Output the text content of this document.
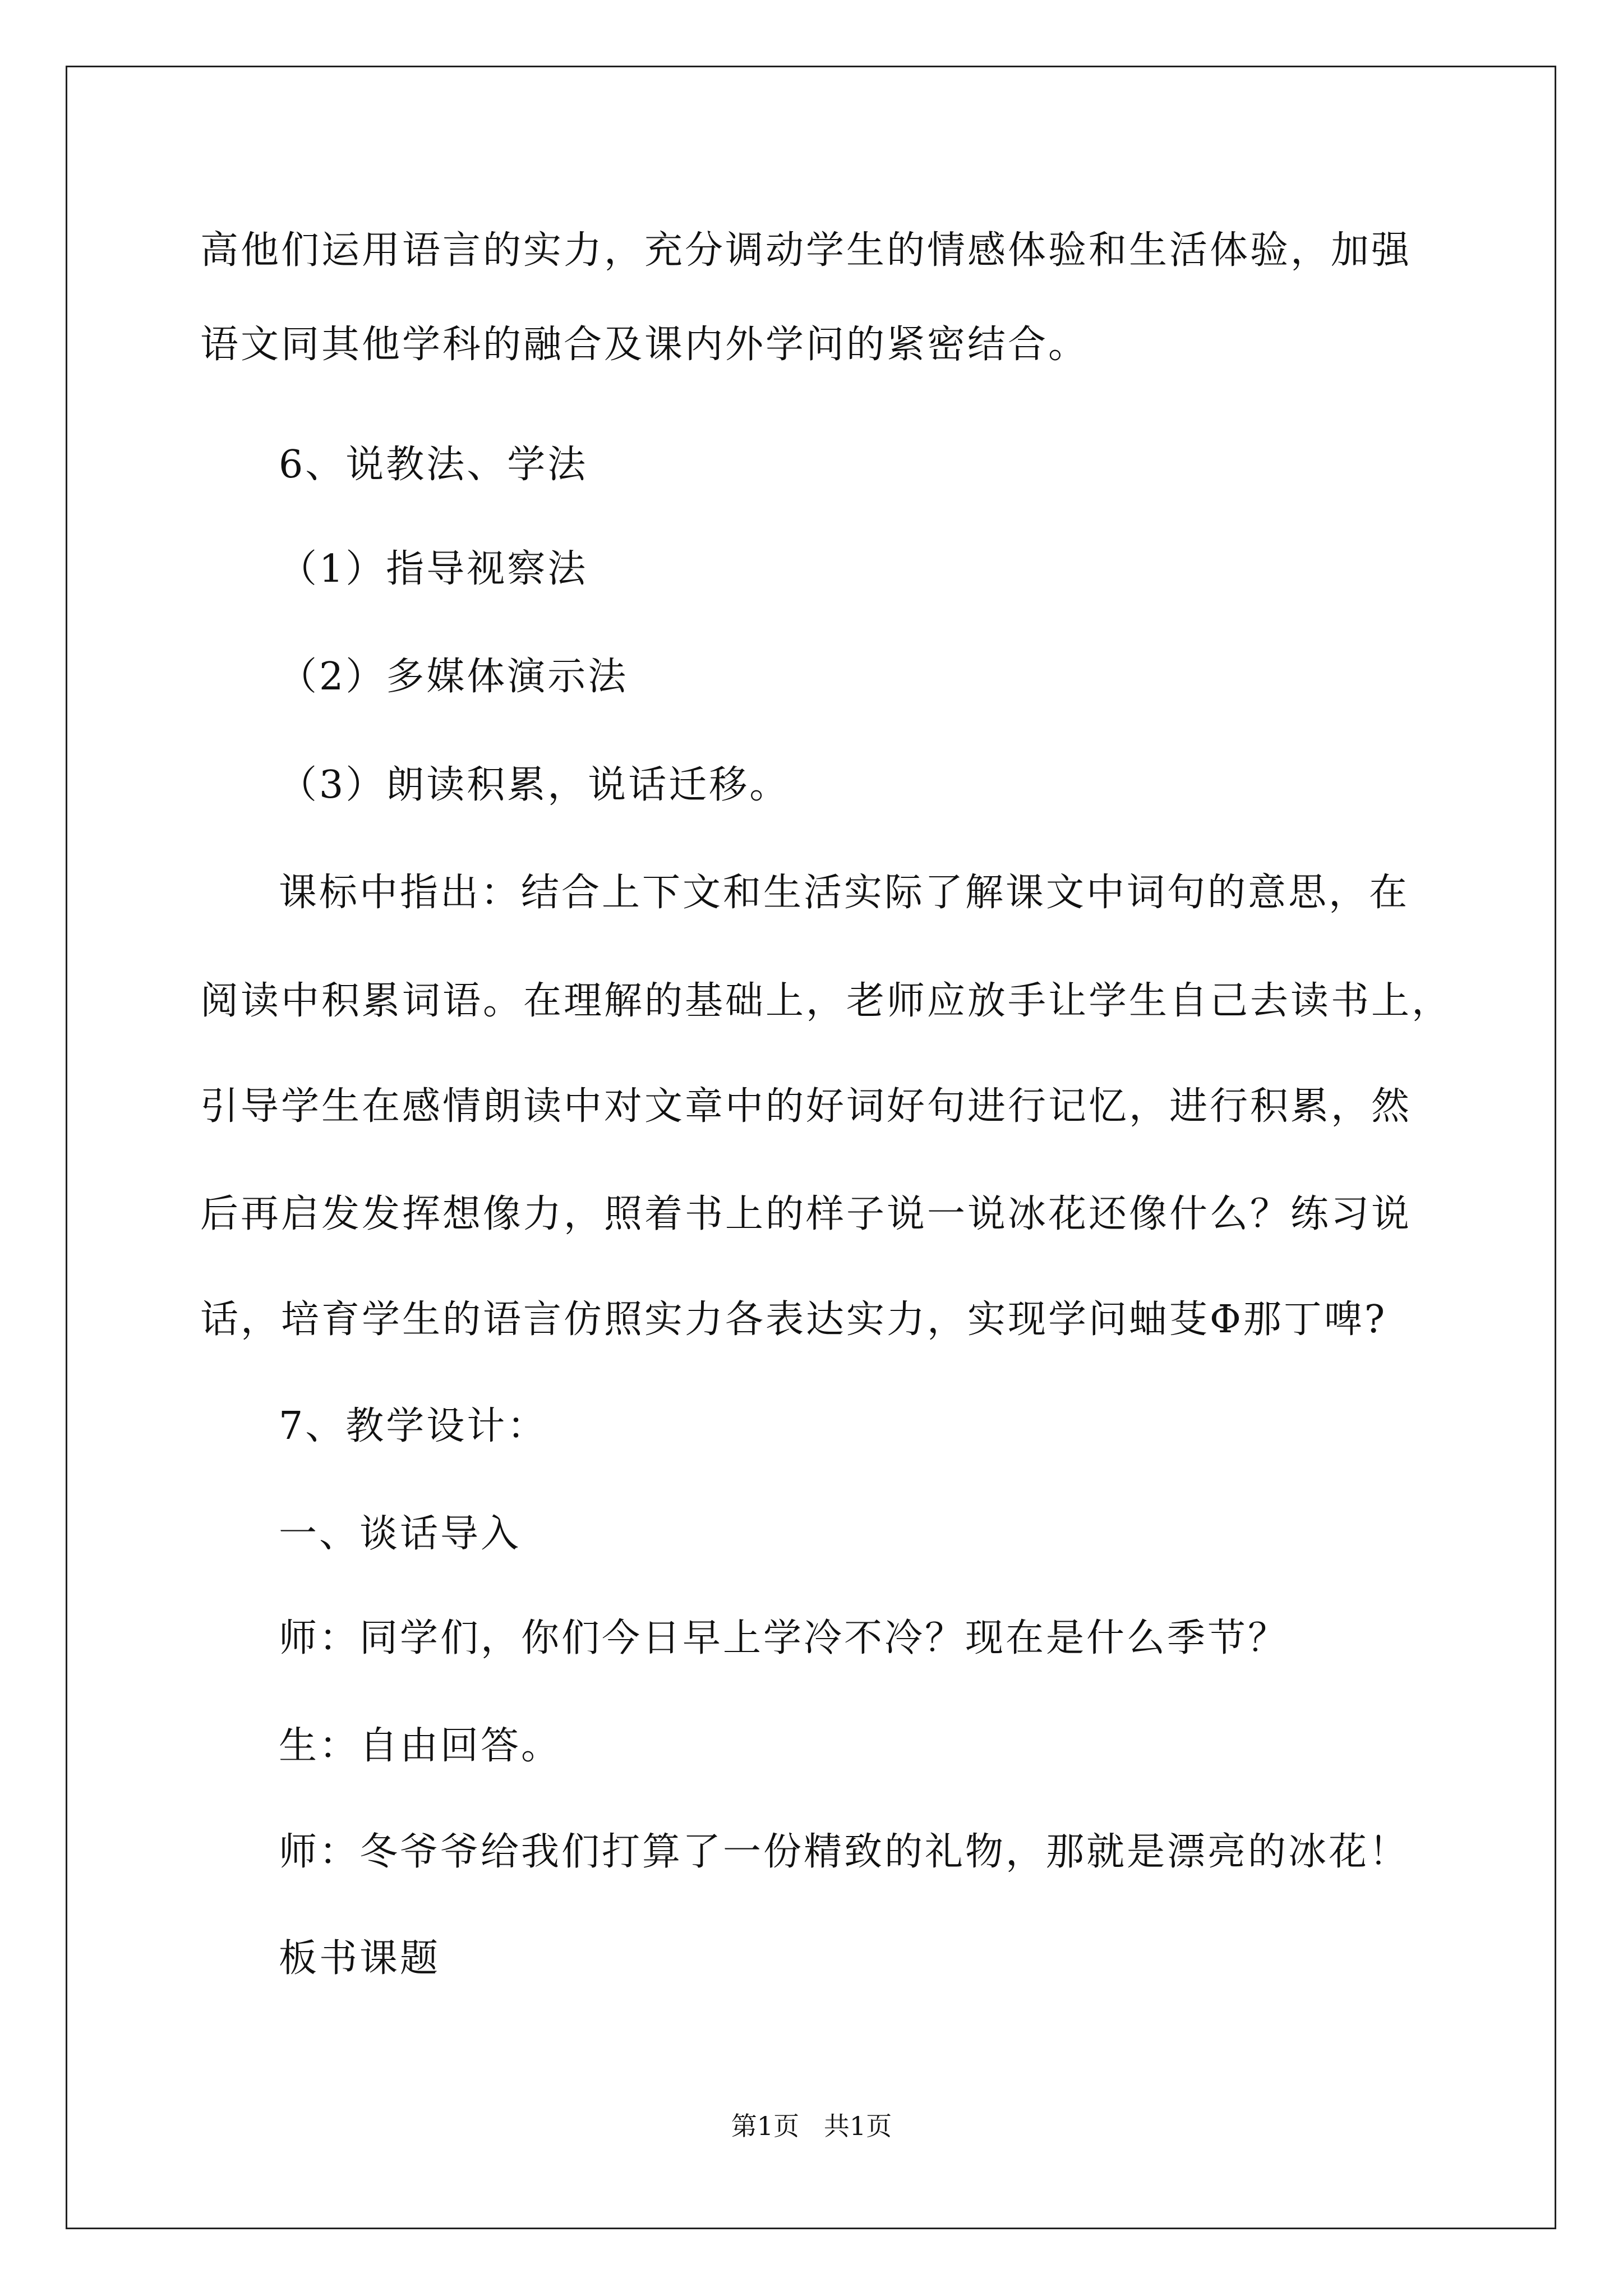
高他们运用语言的实力，充分调动学生的情感体验和生活体验，加强
语文同其他学科的融合及课内外学问的紧密结合。
6、说教法、学法
（1）指导视察法
（2）多媒体演示法
（3）朗读积累，说话迁移。
课标中指出：结合上下文和生活实际了解课文中词句的意思，在
阅读中积累词语。在理解的基础上，老师应放手让学生自己去读书上，
引导学生在感情朗读中对文章中的好词好句进行记忆，进行积累，然
后再启发发挥想像力，照着书上的样子说一说冰花还像什么？练习说
话，培育学生的语言仿照实力各表达实力，实现学问蚰芟Φ那丁啤?
7、教学设计：
一、谈话导入
师：同学们，你们今日早上学冷不冷？现在是什么季节？
生：自由回答。
师：冬爷爷给我们打算了一份精致的礼物，那就是漂亮的冰花！
板书课题
第1页   共1页
